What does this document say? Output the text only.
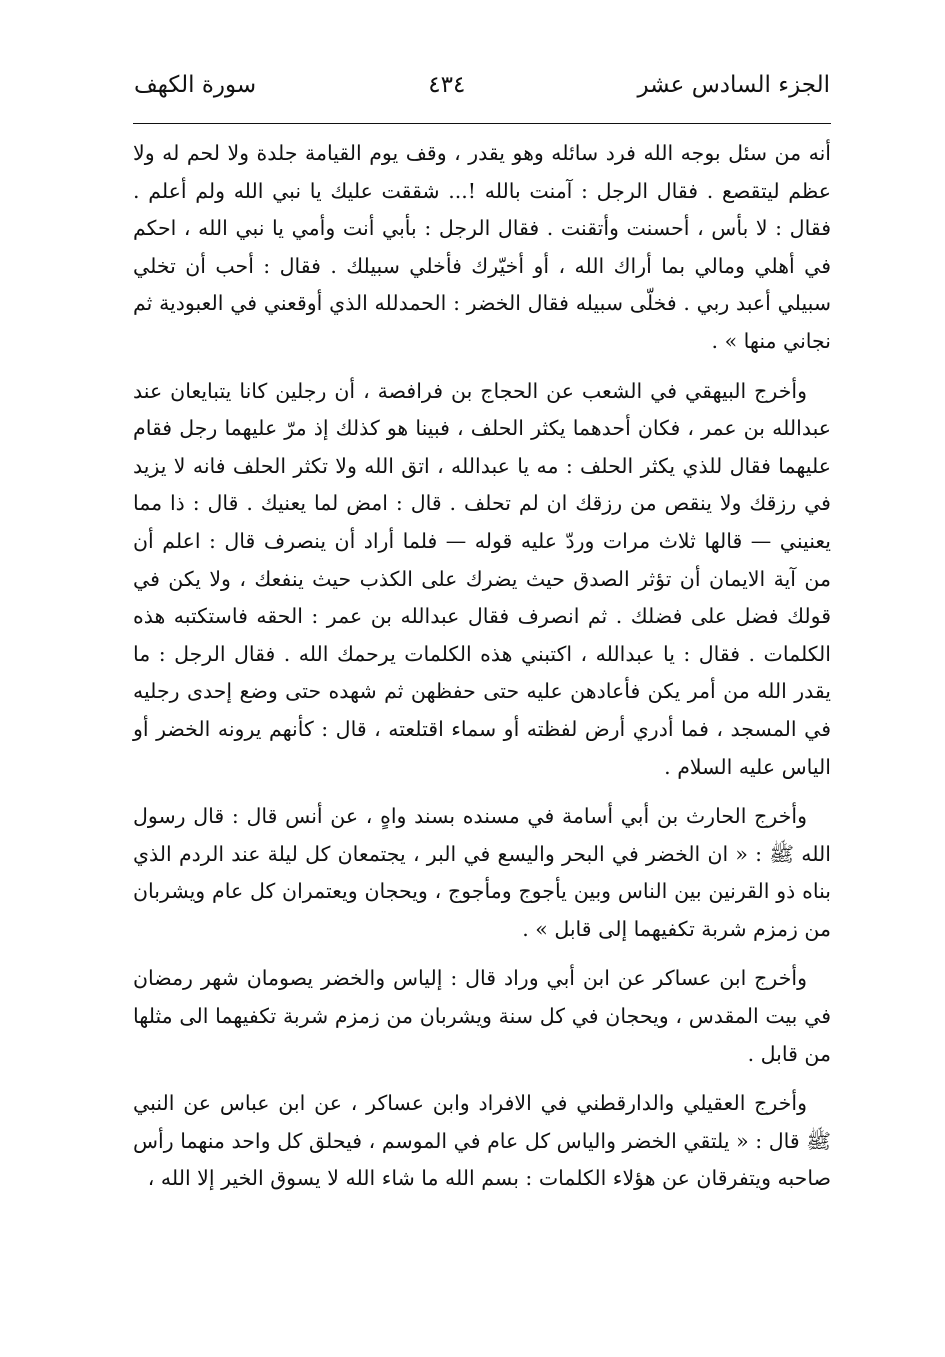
الجزء السادس عشر
٤٣٤
سورة الكهف

أنه من سئل بوجه الله فرد سائله وهو يقدر ، وقف يوم القيامة جلدة ولا لحم له ولا عظم ليتقصع . فقال الرجل : آمنت بالله !... شققت عليك يا نبي الله ولم أعلم . فقال : لا بأس ، أحسنت وأتقنت . فقال الرجل : بأبي أنت وأمي يا نبي الله ، احكم في أهلي ومالي بما أراك الله ، أو أخيّرك فأخلي سبيلك . فقال : أحب أن تخلي سبيلي أعبد ربي . فخلّى سبيله فقال الخضر : الحمدلله الذي أوقعني في العبودية ثم نجاني منها » .

وأخرج البيهقي في الشعب عن الحجاج بن فرافصة ، أن رجلين كانا يتبايعان عند عبدالله بن عمر ، فكان أحدهما يكثر الحلف ، فبينا هو كذلك إذ مرّ عليهما رجل فقام عليهما فقال للذي يكثر الحلف : مه يا عبدالله ، اتق الله ولا تكثر الحلف فانه لا يزيد في رزقك ولا ينقص من رزقك ان لم تحلف . قال : امض لما يعنيك . قال : ذا مما يعنيني — قالها ثلاث مرات وردّ عليه قوله — فلما أراد أن ينصرف قال : اعلم أن من آية الايمان أن تؤثر الصدق حيث يضرك على الكذب حيث ينفعك ، ولا يكن في قولك فضل على فضلك . ثم انصرف فقال عبدالله بن عمر : الحقه فاستكتبه هذه الكلمات . فقال : يا عبدالله ، اكتبني هذه الكلمات يرحمك الله . فقال الرجل : ما يقدر الله من أمر يكن فأعادهن عليه حتى حفظهن ثم شهده حتى وضع إحدى رجليه في المسجد ، فما أدري أرض لفظته أو سماء اقتلعته ، قال : كأنهم يرونه الخضر أو الياس عليه السلام .

وأخرج الحارث بن أبي أسامة في مسنده بسند واهٍ ، عن أنس قال : قال رسول الله ﷺ : « ان الخضر في البحر واليسع في البر ، يجتمعان كل ليلة عند الردم الذي بناه ذو القرنين بين الناس وبين يأجوج ومأجوج ، ويحجان ويعتمران كل عام ويشربان من زمزم شربة تكفيهما إلى قابل » .

وأخرج ابن عساكر عن ابن أبي وراد قال : إلياس والخضر يصومان شهر رمضان في بيت المقدس ، ويحجان في كل سنة ويشربان من زمزم شربة تكفيهما الى مثلها من قابل .

وأخرج العقيلي والدارقطني في الافراد وابن عساكر ، عن ابن عباس عن النبي ﷺ قال : « يلتقي الخضر والياس كل عام في الموسم ، فيحلق كل واحد منهما رأس صاحبه ويتفرقان عن هؤلاء الكلمات : بسم الله ما شاء الله لا يسوق الخير إلا الله ،
